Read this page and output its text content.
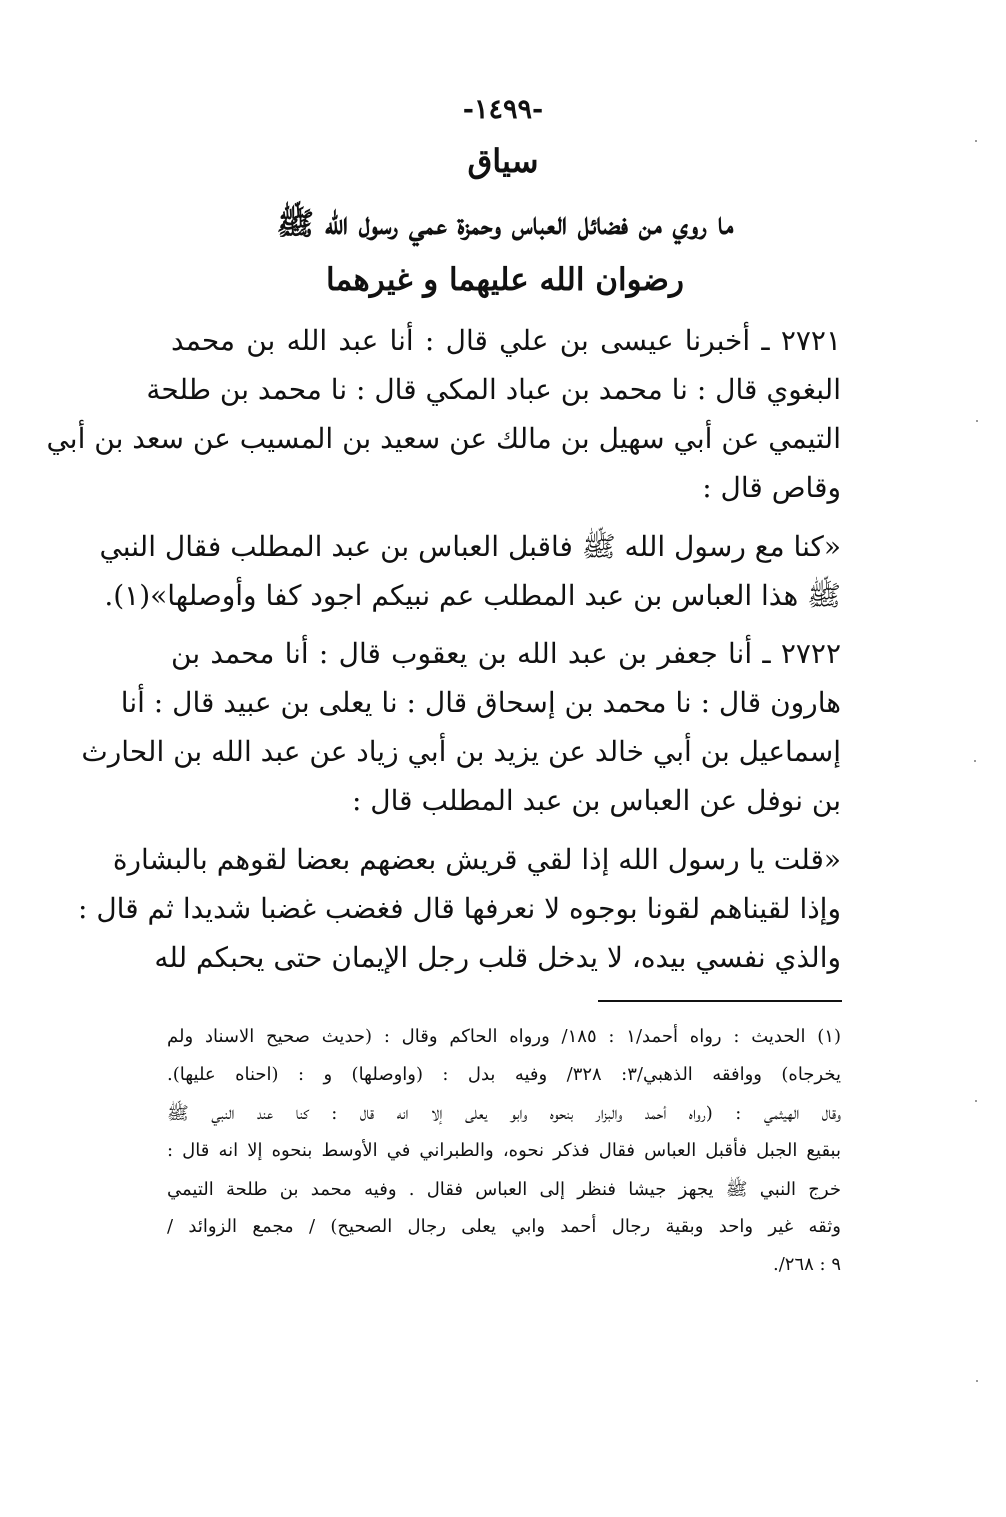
-١٤٩٩-
سياق
ما روي من فضائل العباس وحمزة عمي رسول الله ﷺ
رضوان الله عليهما و غيرهما
٢٧٢١ ـ أخبرنا عيسى بن علي قال : أنا عبد الله بن محمد
البغوي قال : نا محمد بن عباد المكي قال : نا محمد بن طلحة
التيمي عن أبي سهيل بن مالك عن سعيد بن المسيب عن سعد بن أبي
وقاص قال :
«كنا مع رسول الله ﷺ فاقبل العباس بن عبد المطلب فقال النبي
ﷺ هذا العباس بن عبد المطلب عم نبيكم اجود كفا وأوصلها»(١).
٢٧٢٢ ـ أنا جعفر بن عبد الله بن يعقوب قال : أنا محمد بن
هارون قال : نا محمد بن إسحاق قال : نا يعلى بن عبيد قال : أنا
إسماعيل بن أبي خالد عن يزيد بن أبي زياد عن عبد الله بن الحارث
بن نوفل عن العباس بن عبد المطلب قال :
«قلت يا رسول الله إذا لقي قريش بعضهم بعضا لقوهم بالبشارة
وإذا لقيناهم لقونا بوجوه لا نعرفها قال فغضب غضبا شديدا ثم قال :
والذي نفسي بيده، لا يدخل قلب رجل الإيمان حتى يحبكم لله
(١) الحديث : رواه أحمد/١ : ١٨٥/ ورواه الحاكم وقال : (حديث صحيح الاسناد ولم
يخرجاه) ووافقه الذهبي/٣: ٣٢٨/ وفيه بدل : (واوصلها) و : (احناه عليها).
وقال الهيثمي : (رواه أحمد والبزار بنحوه وابو يعلى إلا انه قال : كنا عند النبي ﷺ
ببقيع الجبل فأقبل العباس فقال فذكر نحوه، والطبراني في الأوسط بنحوه إلا انه قال :
خرج النبي ﷺ يجهز جيشا فنظر إلى العباس فقال . وفيه محمد بن طلحة التيمي
وثقه غير واحد وبقية رجال أحمد وابي يعلى رجال الصحيح) / مجمع الزوائد /
٩ : ٢٦٨/.
